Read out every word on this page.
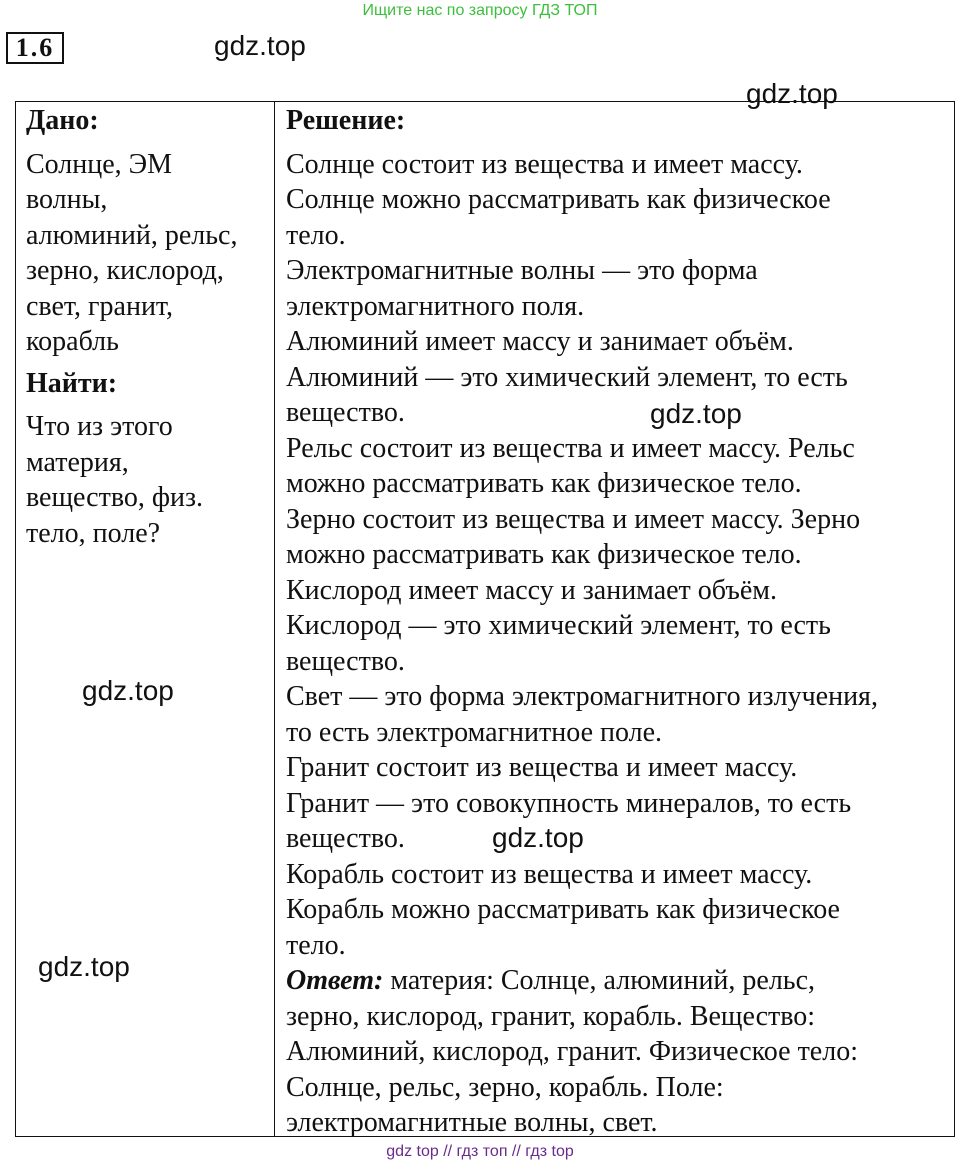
Ищите нас по запросу ГДЗ ТОП
1.6	gdz.top
gdz.top
Дано:
Солнце, ЭМ
волны,
алюминий, рельс,
зерно, кислород,
свет, гранит,
корабль
Найти:
Что из этого
материя,
вещество, физ.
тело, поле?
gdz.top
gdz.top
Решение:
Солнце состоит из вещества и имеет массу.
Солнце можно рассматривать как физическое
тело.
Электромагнитные волны — это форма
электромагнитного поля.
Алюминий имеет массу и занимает объём.
Алюминий — это химический элемент, то есть
вещество.
Рельс состоит из вещества и имеет массу. Рельс
можно рассматривать как физическое тело.
Зерно состоит из вещества и имеет массу. Зерно
можно рассматривать как физическое тело.
Кислород имеет массу и занимает объём.
Кислород — это химический элемент, то есть
вещество.
Свет — это форма электромагнитного излучения,
то есть электромагнитное поле.
Гранит состоит из вещества и имеет массу.
Гранит — это совокупность минералов, то есть
вещество.
Корабль состоит из вещества и имеет массу.
Корабль можно рассматривать как физическое
тело.
Ответ: материя: Солнце, алюминий, рельс,
зерно, кислород, гранит, корабль. Вещество:
Алюминий, кислород, гранит. Физическое тело:
Солнце, рельс, зерно, корабль. Поле:
электромагнитные волны, свет.
gdz.top
gdz.top
gdz top // гдз топ // гдз top
